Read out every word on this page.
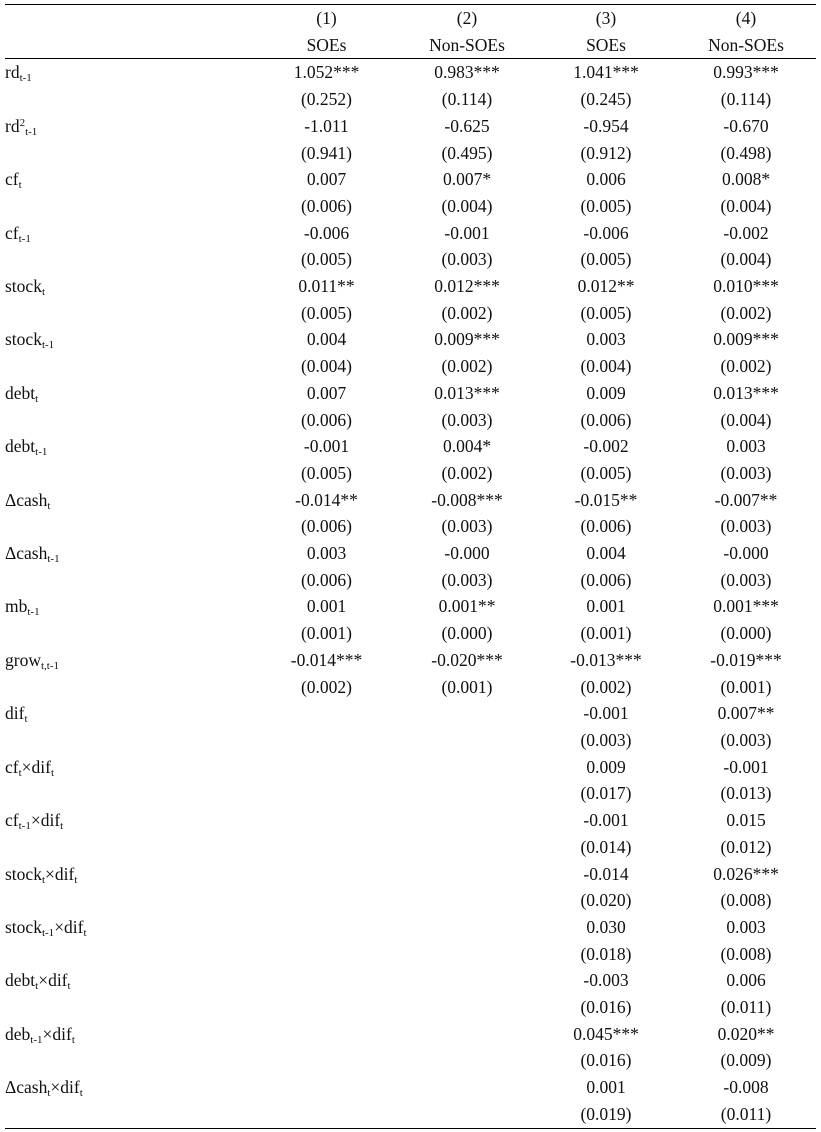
	(1)	(2)	(3)	(4)
	SOEs	Non-SOEs	SOEs	Non-SOEs
$rd_{t-1}$	1.052***	0.983***	1.041***	0.993***
	(0.252)	(0.114)	(0.245)	(0.114)
$rd^2_{t-1}$	-1.011	-0.625	-0.954	-0.670
	(0.941)	(0.495)	(0.912)	(0.498)
$cf_t$	0.007	0.007*	0.006	0.008*
	(0.006)	(0.004)	(0.005)	(0.004)
$cf_{t-1}$	-0.006	-0.001	-0.006	-0.002
	(0.005)	(0.003)	(0.005)	(0.004)
stock$_t$	0.011**	0.012***	0.012**	0.010***
	(0.005)	(0.002)	(0.005)	(0.002)
stock$_{t-1}$	0.004	0.009***	0.003	0.009***
	(0.004)	(0.002)	(0.004)	(0.002)
debt$_t$	0.007	0.013***	0.009	0.013***
	(0.006)	(0.003)	(0.006)	(0.004)
debt$_{t-1}$	-0.001	0.004*	-0.002	0.003
	(0.005)	(0.002)	(0.005)	(0.003)
Δcash$_t$	-0.014**	-0.008***	-0.015**	-0.007**
	(0.006)	(0.003)	(0.006)	(0.003)
Δcash$_{t-1}$	0.003	-0.000	0.004	-0.000
	(0.006)	(0.003)	(0.006)	(0.003)
$mb_{t-1}$	0.001	0.001**	0.001	0.001***
	(0.001)	(0.000)	(0.001)	(0.000)
grow$_{t,t-1}$	-0.014***	-0.020***	-0.013***	-0.019***
	(0.002)	(0.001)	(0.002)	(0.001)
dif$_t$			-0.001	0.007**
			(0.003)	(0.003)
$cf_t\times dif_t$			0.009	-0.001
			(0.017)	(0.013)
$cf_{t-1}\times dif_t$			-0.001	0.015
			(0.014)	(0.012)
stock$_t$×dif$_t$			-0.014	0.026***
			(0.020)	(0.008)
stock$_{t-1}$×dif$_t$			0.030	0.003
			(0.018)	(0.008)
debt$_t$×dif$_t$			-0.003	0.006
			(0.016)	(0.011)
deb$_{t-1}$×dif$_t$			0.045***	0.020**
			(0.016)	(0.009)
Δcash$_t$×dif$_t$			0.001	-0.008
			(0.019)	(0.011)
